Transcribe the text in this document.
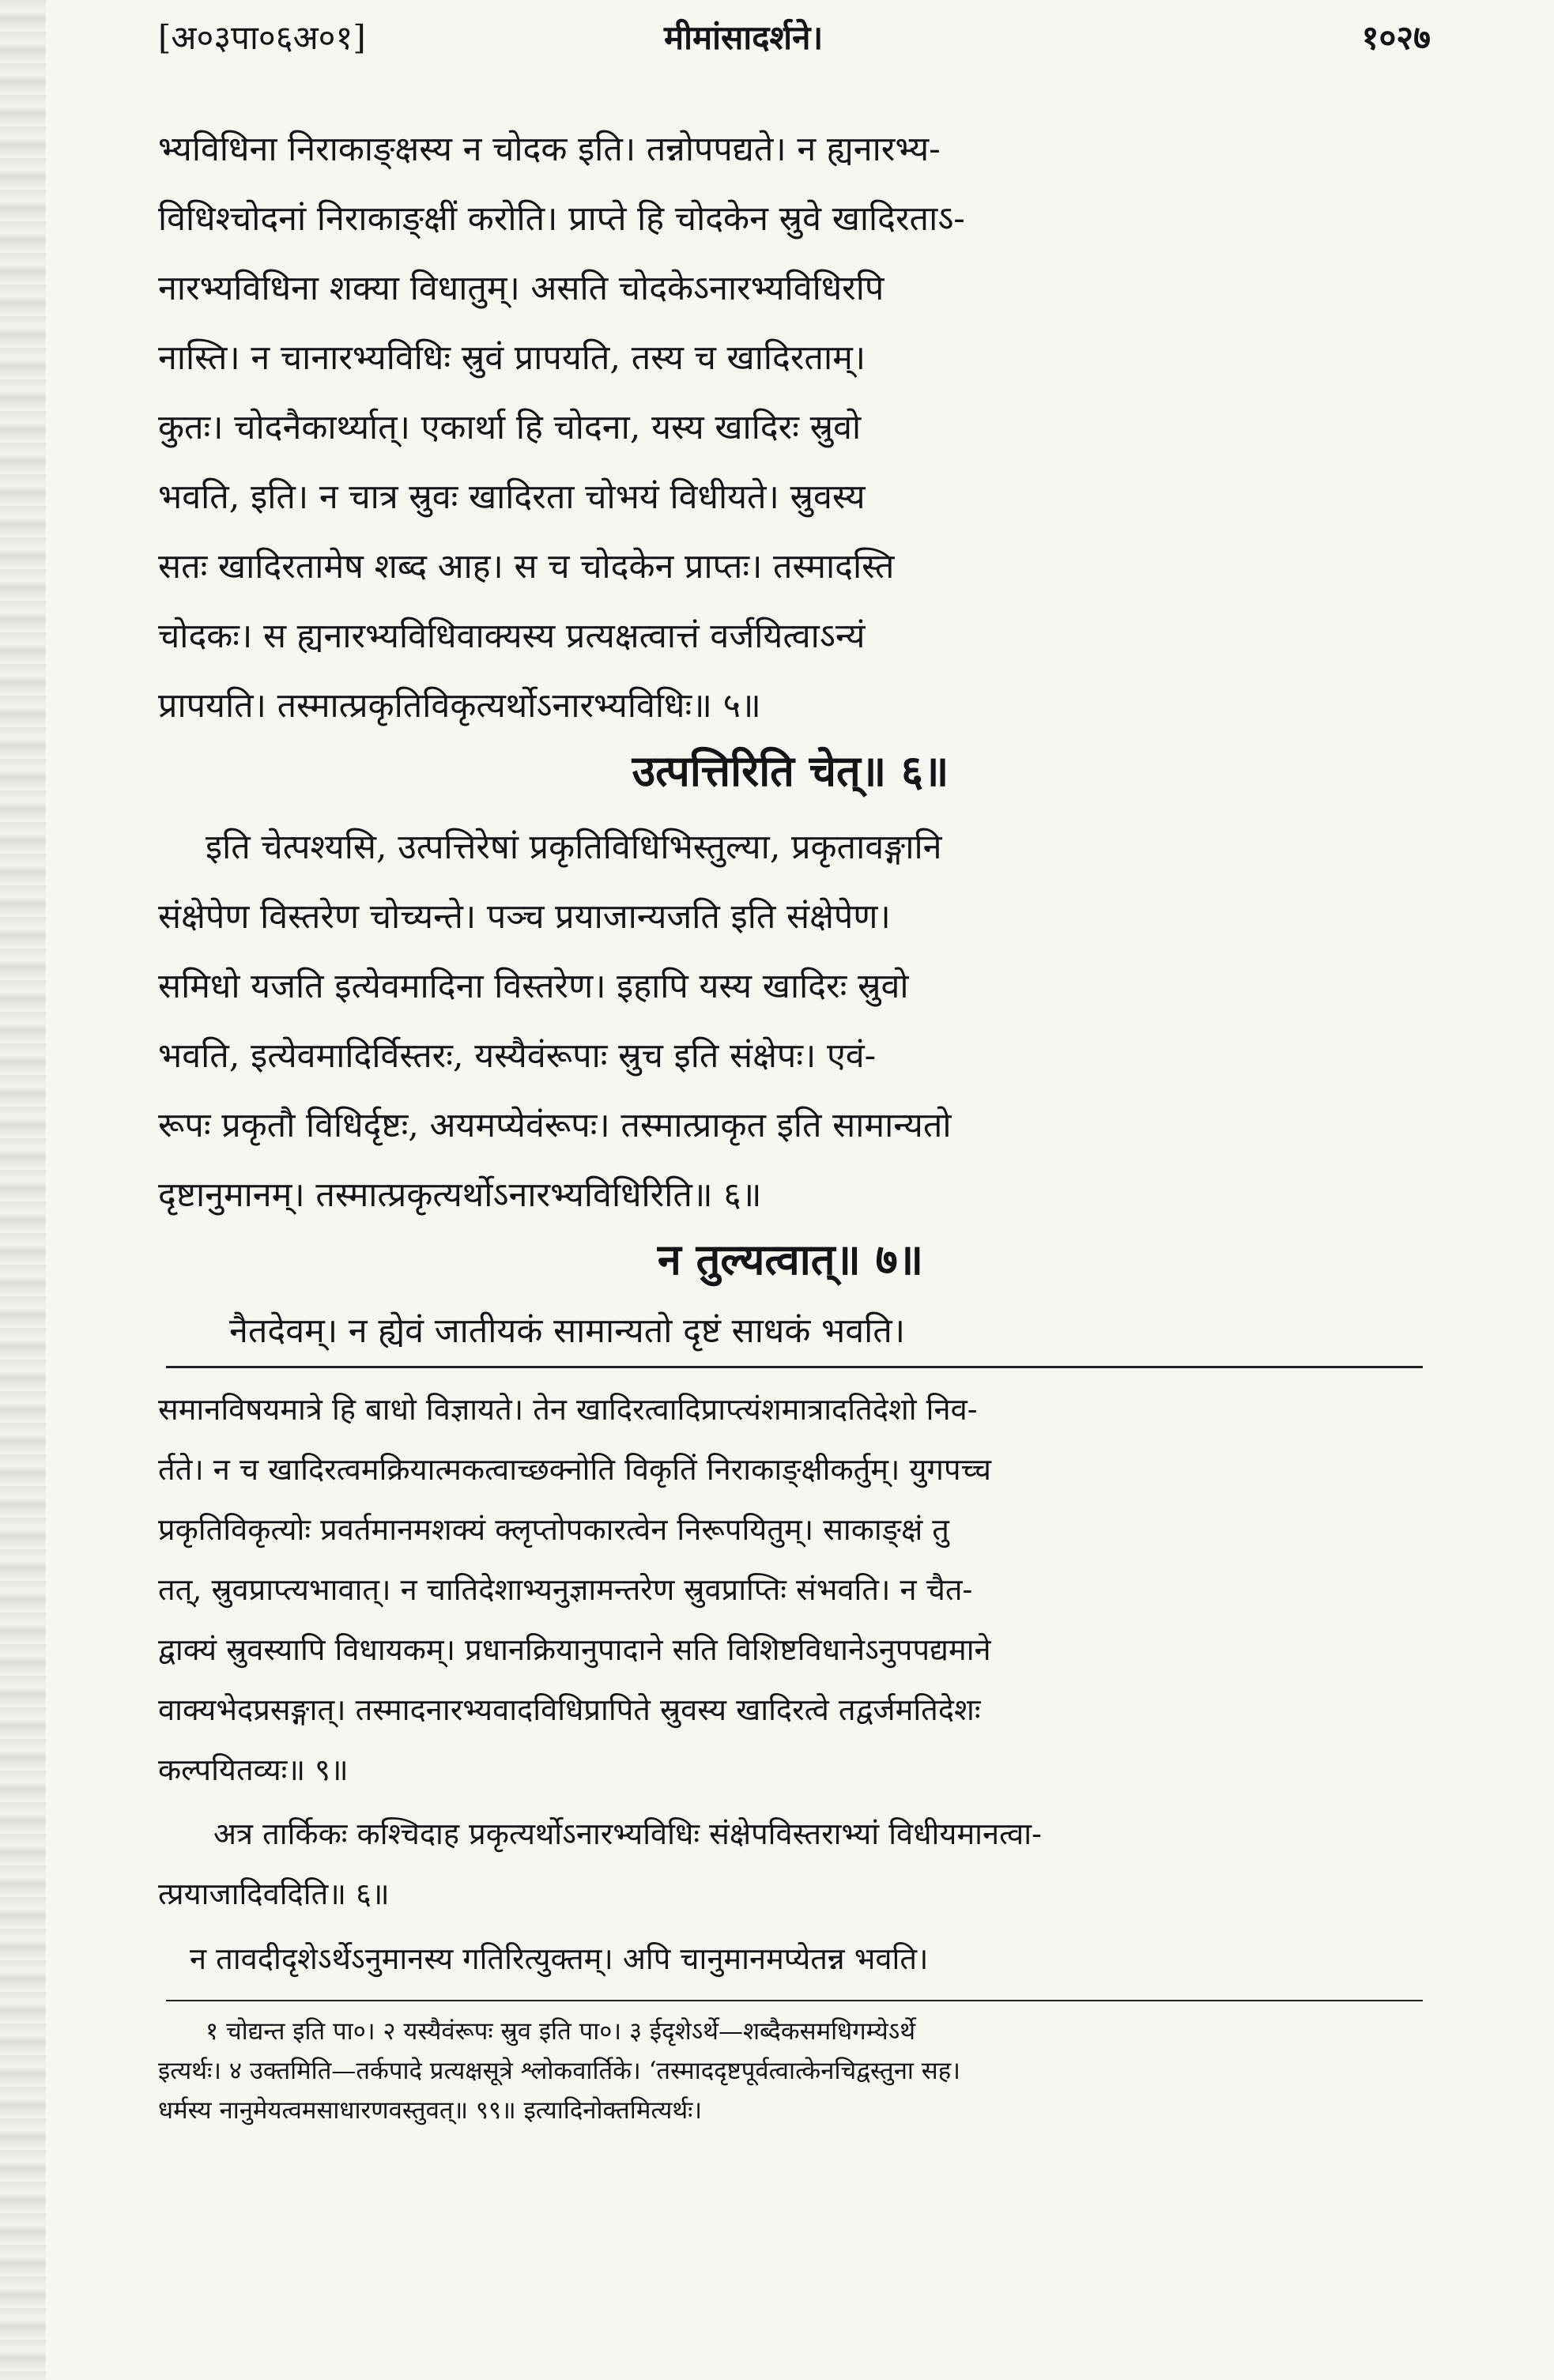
[अ०३पा०६अ०१]	मीमांसादर्शने।	१०२७
भ्यविधिना निराकाङ्क्षस्य न चोदक इति। तन्नोपपद्यते। न ह्यनारभ्य-
विधिश्चोदनां निराकाङ्क्षीं करोति। प्राप्ते हि चोदकेन स्रुवे खादिरताऽ-
नारभ्यविधिना शक्या विधातुम्। असति चोदकेऽनारभ्यविधिरपि
नास्ति। न चानारभ्यविधिः स्रुवं प्रापयति, तस्य च खादिरताम्।
कुतः। चोदनैकार्थ्यात्। एकार्था हि चोदना, यस्य खादिरः स्रुवो
भवति, इति। न चात्र स्रुवः खादिरता चोभयं विधीयते। स्रुवस्य
सतः खादिरतामेष शब्द आह। स च चोदकेन प्राप्तः। तस्मादस्ति
चोदकः। स ह्यनारभ्यविधिवाक्यस्य प्रत्यक्षत्वात्तं वर्जयित्वाऽन्यं
प्रापयति। तस्मात्प्रकृतिविकृत्यर्थोऽनारभ्यविधिः॥ ५॥
उत्पत्तिरिति चेत्॥ ६॥
इति चेत्पश्यसि, उत्पत्तिरेषां प्रकृतिविधिभिस्तुल्या, प्रकृतावङ्गानि
संक्षेपेण विस्तरेण चोच्यन्ते। पञ्च प्रयाजान्यजति इति संक्षेपेण।
समिधो यजति इत्येवमादिना विस्तरेण। इहापि यस्य खादिरः स्रुवो
भवति, इत्येवमादिर्विस्तरः, यस्यैवंरूपाः स्रुच इति संक्षेपः। एवं-
रूपः प्रकृतौ विधिर्दृष्टः, अयमप्येवंरूपः। तस्मात्प्राकृत इति सामान्यतो
दृष्टानुमानम्। तस्मात्प्रकृत्यर्थोऽनारभ्यविधिरिति॥ ६॥
न तुल्यत्वात्॥ ७॥
नैतदेवम्। न ह्येवं जातीयकं सामान्यतो दृष्टं साधकं भवति।
समानविषयमात्रे हि बाधो विज्ञायते। तेन खादिरत्वादिप्राप्त्यंशमात्रादतिदेशो निव-
र्तते। न च खादिरत्वमक्रियात्मकत्वाच्छक्नोति विकृतिं निराकाङ्क्षीकर्तुम्। युगपच्च
प्रकृतिविकृत्योः प्रवर्तमानमशक्यं क्लृप्तोपकारत्वेन निरूपयितुम्। साकाङ्क्षं तु
तत्, स्रुवप्राप्त्यभावात्। न चातिदेशाभ्यनुज्ञामन्तरेण स्रुवप्राप्तिः संभवति। न चैत-
द्वाक्यं स्रुवस्यापि विधायकम्। प्रधानक्रियानुपादाने सति विशिष्टविधानेऽनुपपद्यमाने
वाक्यभेदप्रसङ्गात्। तस्मादनारभ्यवादविधिप्रापिते स्रुवस्य खादिरत्वे तद्वर्जमतिदेशः
कल्पयितव्यः॥ ९॥
अत्र तार्किकः कश्चिदाह प्रकृत्यर्थोऽनारभ्यविधिः संक्षेपविस्तराभ्यां विधीयमानत्वा-
त्प्रयाजादिवदिति॥ ६॥
न तावदीदृशेऽर्थेऽनुमानस्य गतिरित्युक्तम्। अपि चानुमानमप्येतन्न भवति।
१ चोद्यन्त इति पा०। २ यस्यैवंरूपः स्रुव इति पा०। ३ ईदृशेऽर्थे—शब्दैकसमधिगम्येऽर्थे
इत्यर्थः। ४ उक्तमिति—तर्कपादे प्रत्यक्षसूत्रे श्लोकवार्तिके। ‘तस्माददृष्टपूर्वत्वात्केनचिद्वस्तुना सह।
धर्मस्य नानुमेयत्वमसाधारणवस्तुवत्॥ ९९॥ इत्यादिनोक्तमित्यर्थः।
